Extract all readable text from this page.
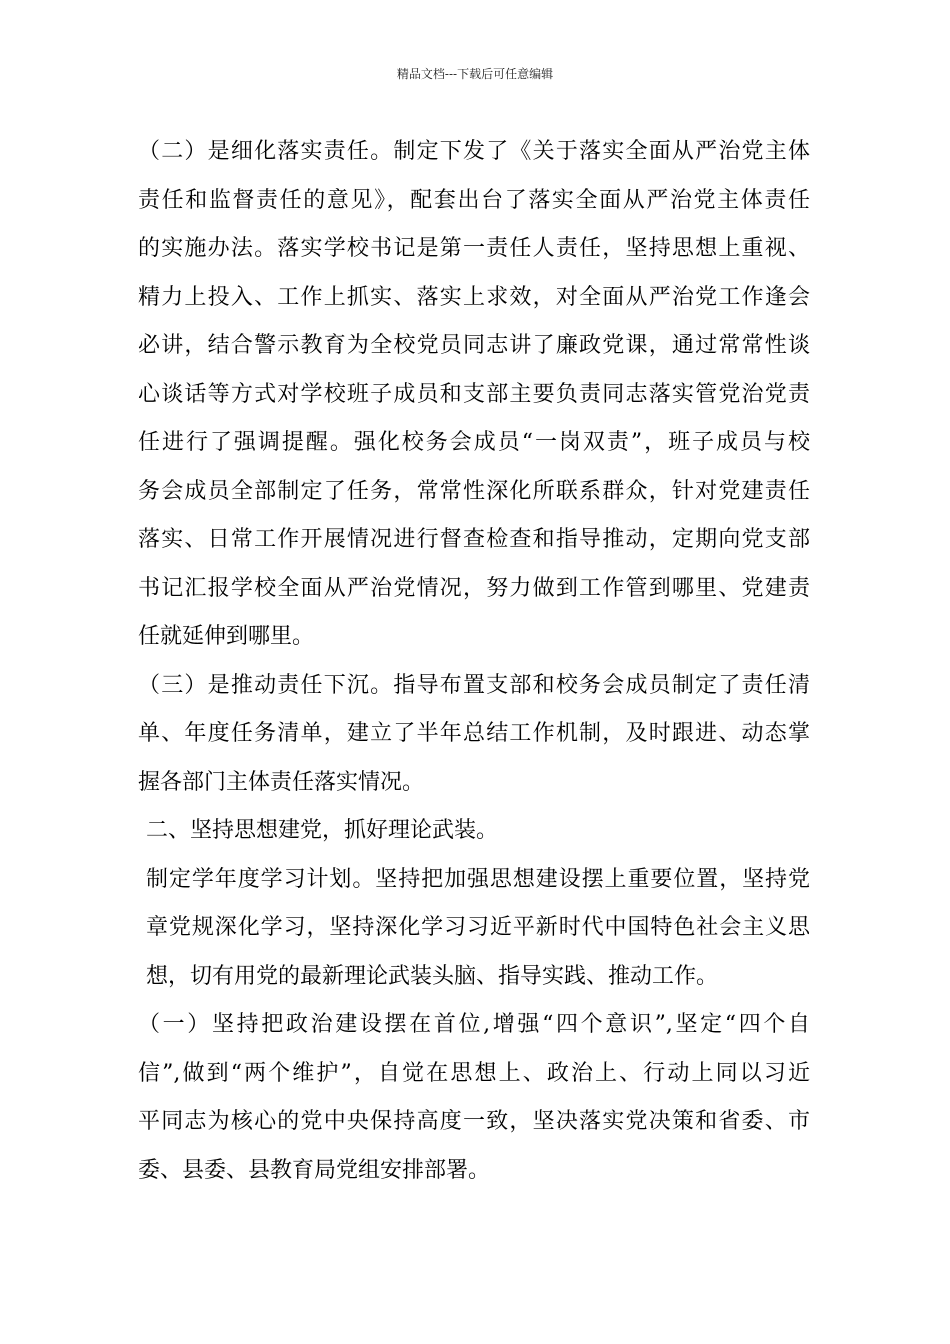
精品文档---下载后可任意编辑

（二）是细化落实责任。制定下发了《关于落实全面从严治党主体
责任和监督责任的意见》，配套出台了落实全面从严治党主体责任
的实施办法。落实学校书记是第一责任人责任，坚持思想上重视、
精力上投入、工作上抓实、落实上求效，对全面从严治党工作逢会
必讲，结合警示教育为全校党员同志讲了廉政党课，通过常常性谈
心谈话等方式对学校班子成员和支部主要负责同志落实管党治党责
任进行了强调提醒。强化校务会成员“一岗双责”，班子成员与校
务会成员全部制定了任务，常常性深化所联系群众，针对党建责任
落实、日常工作开展情况进行督查检查和指导推动，定期向党支部
书记汇报学校全面从严治党情况，努力做到工作管到哪里、党建责
任就延伸到哪里。

（三）是推动责任下沉。指导布置支部和校务会成员制定了责任清
单、年度任务清单，建立了半年总结工作机制，及时跟进、动态掌
握各部门主体责任落实情况。

二、坚持思想建党，抓好理论武装。

制定学年度学习计划。坚持把加强思想建设摆上重要位置，坚持党
章党规深化学习，坚持深化学习习近平新时代中国特色社会主义思
想，切有用党的最新理论武装头脑、指导实践、推动工作。

（一）坚持把政治建设摆在首位,增强“四个意识”,坚定“四个自
信”,做到“两个维护”，自觉在思想上、政治上、行动上同以习近
平同志为核心的党中央保持高度一致，坚决落实党决策和省委、市
委、县委、县教育局党组安排部署。
